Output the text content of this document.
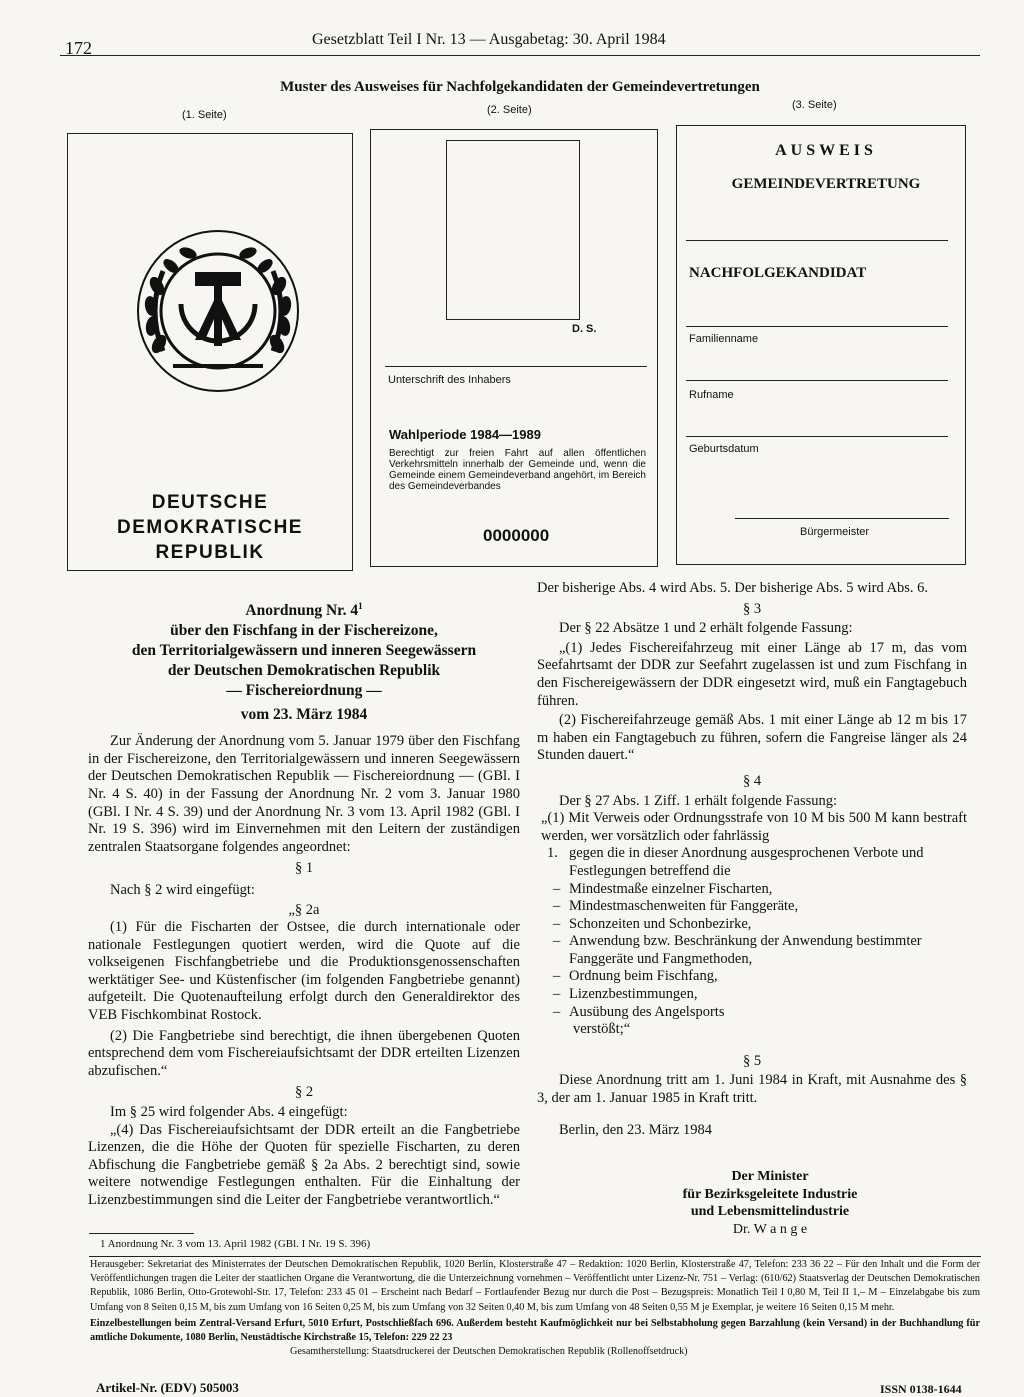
172	Gesetzblatt Teil I Nr. 13 — Ausgabetag: 30. April 1984
Muster des Ausweises für Nachfolgekandidaten der Gemeindevertretungen
(1. Seite)	(2. Seite)	(3. Seite)
DEUTSCHE
DEMOKRATISCHE REPUBLIK
D. S.
Unterschrift des Inhabers
Wahlperiode 1984—1989
Berechtigt zur freien Fahrt auf allen öffentlichen Verkehrsmitteln innerhalb der Gemeinde und, wenn die Gemeinde einem Gemeindeverband angehört, im Bereich des Gemeindeverbandes
0000000
AUSWEIS
GEMEINDEVERTRETUNG
NACHFOLGEKANDIDAT
Familienname
Rufname
Geburtsdatum
Bürgermeister
Anordnung Nr. $4^1$
über den Fischfang in der Fischereizone,
den Territorialgewässern und inneren Seegewässern
der Deutschen Demokratischen Republik
— Fischereiordnung —
vom 23. März 1984

Zur Änderung der Anordnung vom 5. Januar 1979 über den Fischfang in der Fischereizone, den Territorialgewässern und inneren Seegewässern der Deutschen Demokratischen Republik — Fischereiordnung — (GBl. I Nr. 4 S. 40) in der Fassung der Anordnung Nr. 2 vom 3. Januar 1980 (GBl. I Nr. 4 S. 39) und der Anordnung Nr. 3 vom 13. April 1982 (GBl. I Nr. 19 S. 396) wird im Einvernehmen mit den Leitern der zuständigen zentralen Staatsorgane folgendes angeordnet:

§ 1

Nach § 2 wird eingefügt:

„§ 2a

(1) Für die Fischarten der Ostsee, die durch internationale oder nationale Festlegungen quotiert werden, wird die Quote auf die volkseigenen Fischfangbetriebe und die Produktionsgenossenschaften werktätiger See- und Küstenfischer (im folgenden Fangbetriebe genannt) aufgeteilt. Die Quotenaufteilung erfolgt durch den Generaldirektor des VEB Fischkombinat Rostock.

(2) Die Fangbetriebe sind berechtigt, die ihnen übergebenen Quoten entsprechend dem vom Fischereiaufsichtsamt der DDR erteilten Lizenzen abzufischen.“

§ 2

Im § 25 wird folgender Abs. 4 eingefügt:

„(4) Das Fischereiaufsichtsamt der DDR erteilt an die Fangbetriebe Lizenzen, die die Höhe der Quoten für spezielle Fischarten, zu deren Abfischung die Fangbetriebe gemäß § 2a Abs. 2 berechtigt sind, sowie weitere notwendige Festlegungen enthalten. Für die Einhaltung der Lizenzbestimmungen sind die Leiter der Fangbetriebe verantwortlich.“

Der bisherige Abs. 4 wird Abs. 5. Der bisherige Abs. 5 wird Abs. 6.

§ 3

Der § 22 Absätze 1 und 2 erhält folgende Fassung:

„(1) Jedes Fischereifahrzeug mit einer Länge ab 17 m, das vom Seefahrtsamt der DDR zur Seefahrt zugelassen ist und zum Fischfang in den Fischereigewässern der DDR eingesetzt wird, muß ein Fangtagebuch führen.

(2) Fischereifahrzeuge gemäß Abs. 1 mit einer Länge ab 12 m bis 17 m haben ein Fangtagebuch zu führen, sofern die Fangreise länger als 24 Stunden dauert.“

§ 4

Der § 27 Abs. 1 Ziff. 1 erhält folgende Fassung:

„(1) Mit Verweis oder Ordnungsstrafe von 10 M bis 500 M kann bestraft werden, wer vorsätzlich oder fahrlässig

1. gegen die in dieser Anordnung ausgesprochenen Verbote und Festlegungen betreffend die
– Mindestmaße einzelner Fischarten,
– Mindestmaschenweiten für Fanggeräte,
– Schonzeiten und Schonbezirke,
– Anwendung bzw. Beschränkung der Anwendung bestimmter Fanggeräte und Fangmethoden,
– Ordnung beim Fischfang,
– Lizenzbestimmungen,
– Ausübung des Angelsports

verstößt;“

§ 5

Diese Anordnung tritt am 1. Juni 1984 in Kraft, mit Ausnahme des § 3, der am 1. Januar 1985 in Kraft tritt.

Berlin, den 23. März 1984

Der Minister
für Bezirksgeleitete Industrie
und Lebensmittelindustrie
Dr. W a n g e
1 Anordnung Nr. 3 vom 13. April 1982 (GBl. I Nr. 19 S. 396)

Herausgeber: Sekretariat des Ministerrates der Deutschen Demokratischen Republik, 1020 Berlin, Klosterstraße 47 – Redaktion: 1020 Berlin, Klosterstraße 47, Telefon: 233 36 22 – Für den Inhalt und die Form der Veröffentlichungen tragen die Leiter der staatlichen Organe die Verantwortung, die die Unterzeichnung vornehmen – Veröffentlicht unter Lizenz-Nr. 751 – Verlag: (610/62) Staatsverlag der Deutschen Demokratischen Republik, 1086 Berlin, Otto-Grotewohl-Str. 17, Telefon: 233 45 01 – Erscheint nach Bedarf – Fortlaufender Bezug nur durch die Post – Bezugspreis: Monatlich Teil I 0,80 M, Teil II 1,– M – Einzelabgabe bis zum Umfang von 8 Seiten 0,15 M, bis zum Umfang von 16 Seiten 0,25 M, bis zum Umfang von 32 Seiten 0,40 M, bis zum Umfang von 48 Seiten 0,55 M je Exemplar, je weitere 16 Seiten 0,15 M mehr.

Einzelbestellungen beim Zentral-Versand Erfurt, 5010 Erfurt, Postschließfach 696. Außerdem besteht Kaufmöglichkeit nur bei Selbstabholung gegen Barzahlung (kein Versand) in der Buchhandlung für amtliche Dokumente, 1080 Berlin, Neustädtische Kirchstraße 15, Telefon: 229 22 23

Gesamtherstellung: Staatsdruckerei der Deutschen Demokratischen Republik (Rollenoffsetdruck)

Artikel-Nr. (EDV) 505003	ISSN 0138-1644
